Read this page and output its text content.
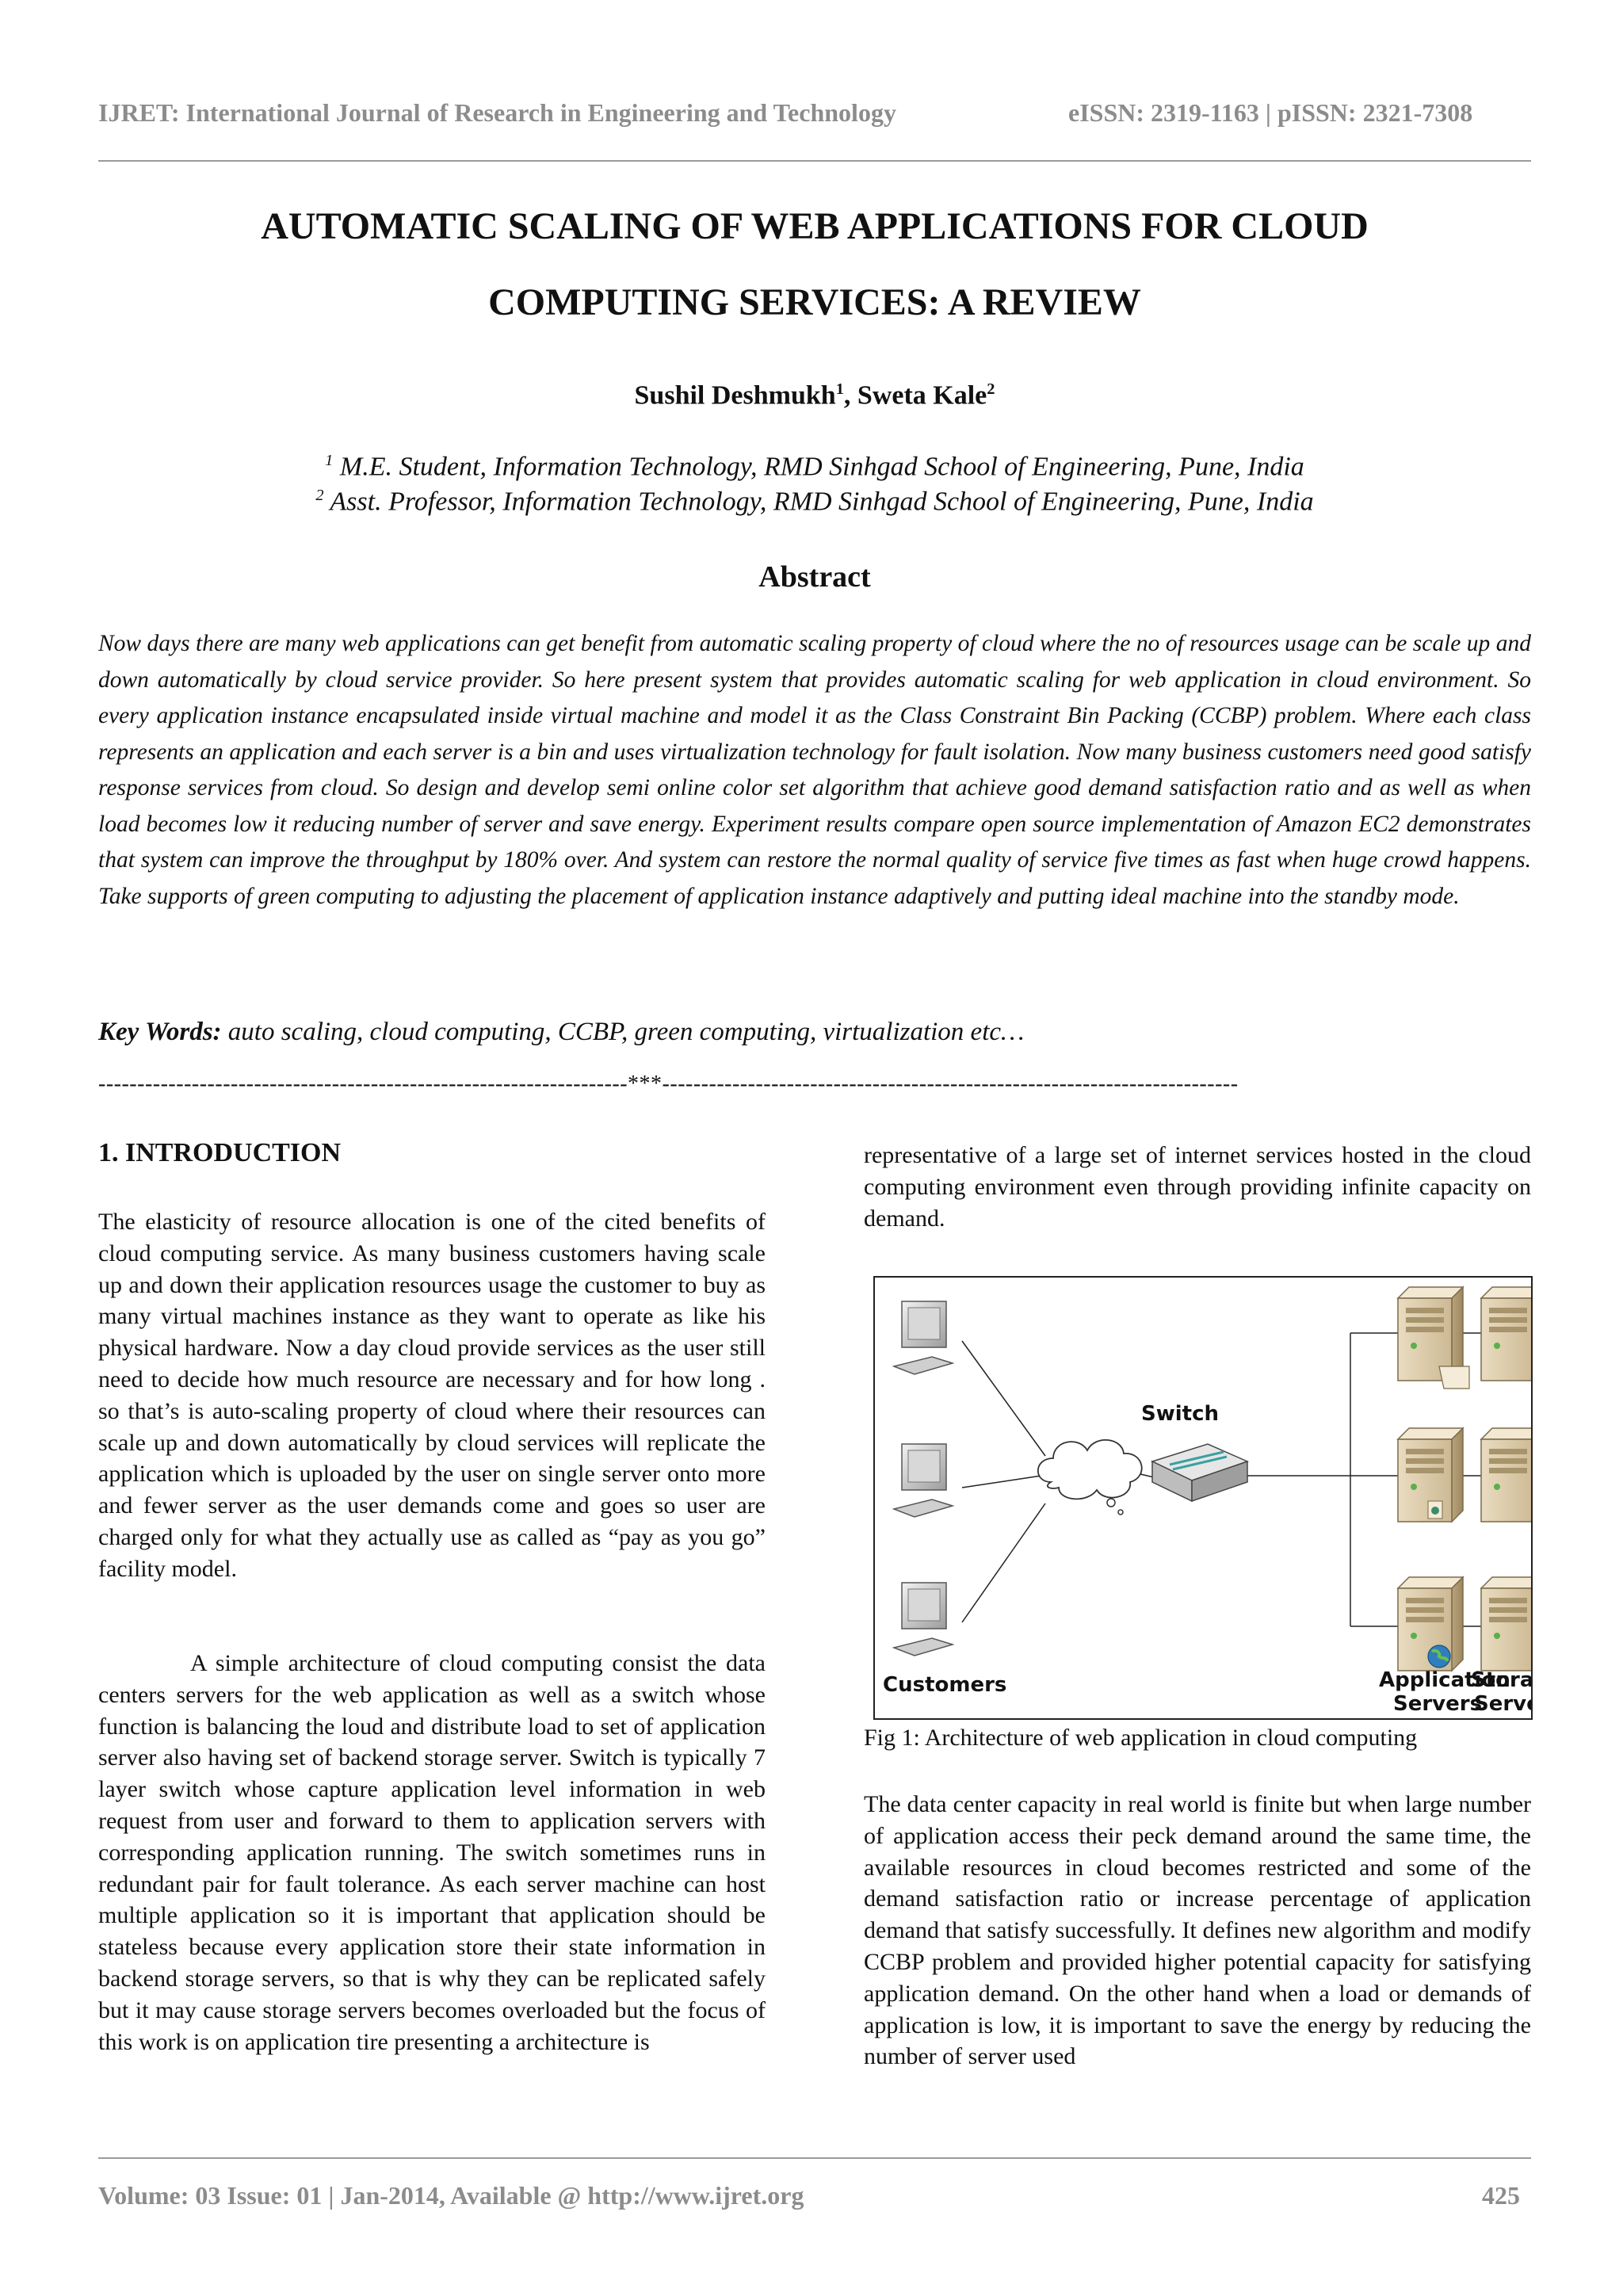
IJRET: International Journal of Research in Engineering and Technology	eISSN: 2319-1163 | pISSN: 2321-7308
AUTOMATIC SCALING OF WEB APPLICATIONS FOR CLOUD
COMPUTING SERVICES: A REVIEW
Sushil Deshmukh$^1$, Sweta Kale$^2$
$^1$ M.E. Student, Information Technology, RMD Sinhgad School of Engineering, Pune, India
$^2$ Asst. Professor, Information Technology, RMD Sinhgad School of Engineering, Pune, India
Abstract
Now days there are many web applications can get benefit from automatic scaling property of cloud where the no of resources usage can be scale up and down automatically by cloud service provider. So here present system that provides automatic scaling for web application in cloud environment. So every application instance encapsulated inside virtual machine and model it as the Class Constraint Bin Packing (CCBP) problem. Where each class represents an application and each server is a bin and uses virtualization technology for fault isolation. Now many business customers need good satisfy response services from cloud. So design and develop semi online color set algorithm that achieve good demand satisfaction ratio and as well as when load becomes low it reducing number of server and save energy. Experiment results compare open source implementation of Amazon EC2 demonstrates that system can improve the throughput by 180% over. And system can restore the normal quality of service five times as fast when huge crowd happens. Take supports of green computing to adjusting the placement of application instance adaptively and putting ideal machine into the standby mode.
Key Words: auto scaling, cloud computing, CCBP, green computing, virtualization etc…
--------------------------------------------------------------------***--------------------------------------------------------------------------
1. INTRODUCTION
The elasticity of resource allocation is one of the cited benefits of cloud computing service. As many business customers having scale up and down their application resources usage the customer to buy as many virtual machines instance as they want to operate as like his physical hardware. Now a day cloud provide services as the user still need to decide how much resource are necessary and for how long . so that’s is auto-scaling property of cloud where their resources can scale up and down automatically by cloud services will replicate the application which is uploaded by the user on single server onto more and fewer server as the user demands come and goes so user are charged only for what they actually use as called as “pay as you go” facility model.
A simple architecture of cloud computing consist the data centers servers for the web application as well as a switch whose function is balancing the loud and distribute load to set of application server also having set of backend storage server. Switch is typically 7 layer switch whose capture application level information in web request from user and forward to them to application servers with corresponding application running. The switch sometimes runs in redundant pair for fault tolerance. As each server machine can host multiple application so it is important that application should be stateless because every application store their state information in backend storage servers, so that is why they can be replicated safely but it may cause storage servers becomes overloaded but the focus of this work is on application tire presenting a architecture is
representative of a large set of internet services hosted in the cloud computing environment even through providing infinite capacity on demand.
Switch
Customers	Application
Servers
Stora
Serv
Fig 1: Architecture of web application in cloud computing
The data center capacity in real world is finite but when large number of application access their peck demand around the same time, the available resources in cloud becomes restricted and some of the demand satisfaction ratio or increase percentage of application demand that satisfy successfully. It defines new algorithm and modify CCBP problem and provided higher potential capacity for satisfying application demand. On the other hand when a load or demands of application is low, it is important to save the energy by reducing the number of server used
Volume: 03 Issue: 01 | Jan-2014, Available @ http://www.ijret.org	425
